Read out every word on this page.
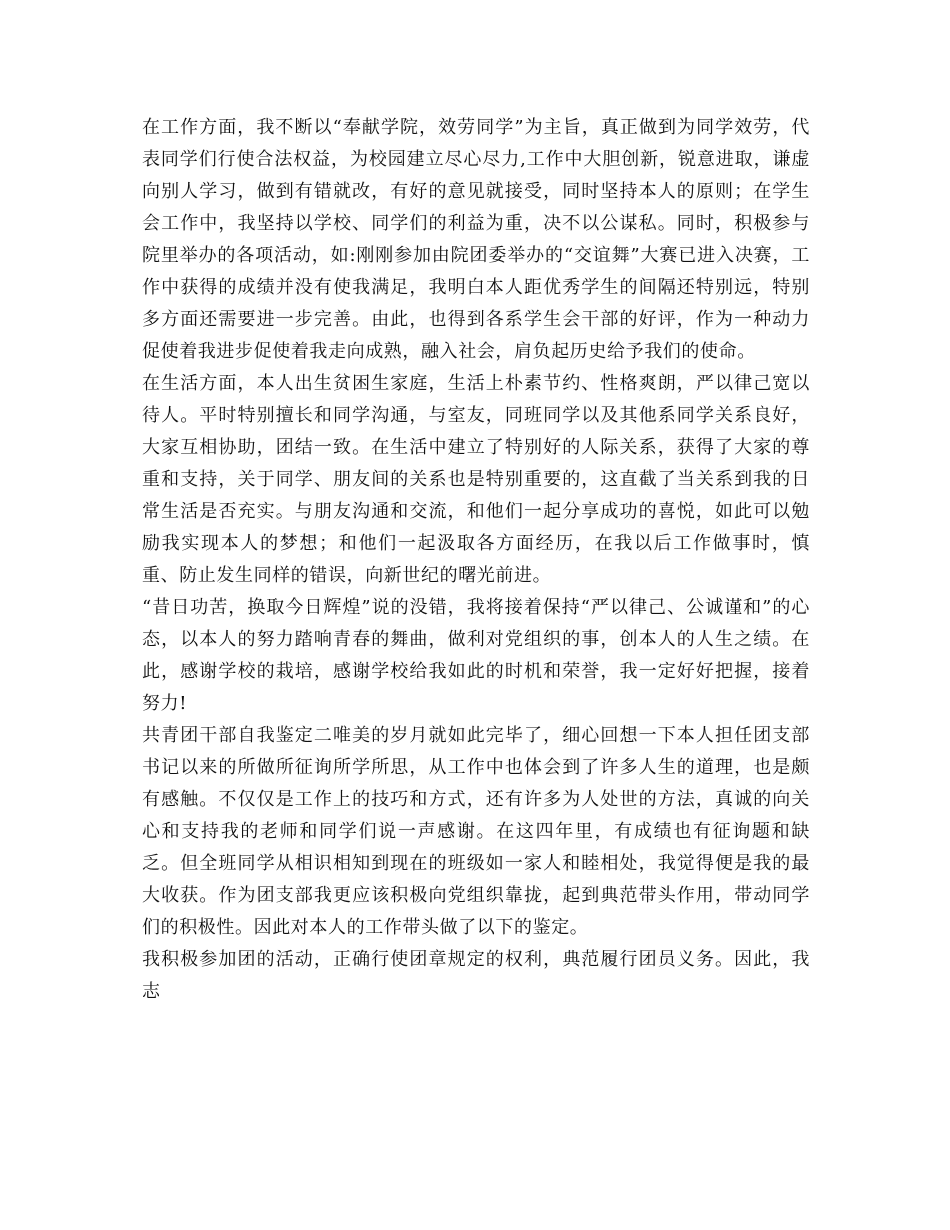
在工作方面，我不断以“奉献学院，效劳同学”为主旨，真正做到为同学效劳，代表同学们行使合法权益，为校园建立尽心尽力,工作中大胆创新，锐意进取，谦虚向别人学习，做到有错就改，有好的意见就接受，同时坚持本人的原则；在学生会工作中，我坚持以学校、同学们的利益为重，决不以公谋私。同时，积极参与院里举办的各项活动，如:刚刚参加由院团委举办的“交谊舞”大赛已进入决赛，工作中获得的成绩并没有使我满足，我明白本人距优秀学生的间隔还特别远，特别多方面还需要进一步完善。由此，也得到各系学生会干部的好评，作为一种动力促使着我进步促使着我走向成熟，融入社会，肩负起历史给予我们的使命。

在生活方面，本人出生贫困生家庭，生活上朴素节约、性格爽朗，严以律己宽以待人。平时特别擅长和同学沟通，与室友，同班同学以及其他系同学关系良好，大家互相协助，团结一致。在生活中建立了特别好的人际关系，获得了大家的尊重和支持，关于同学、朋友间的关系也是特别重要的，这直截了当关系到我的日常生活是否充实。与朋友沟通和交流，和他们一起分享成功的喜悦，如此可以勉励我实现本人的梦想；和他们一起汲取各方面经历，在我以后工作做事时，慎重、防止发生同样的错误，向新世纪的曙光前进。

“昔日功苦，换取今日辉煌”说的没错，我将接着保持“严以律己、公诚谨和”的心态，以本人的努力踏响青春的舞曲，做利对党组织的事，创本人的人生之绩。在此，感谢学校的栽培，感谢学校给我如此的时机和荣誉，我一定好好把握，接着努力!

共青团干部自我鉴定二唯美的岁月就如此完毕了，细心回想一下本人担任团支部书记以来的所做所征询所学所思，从工作中也体会到了许多人生的道理，也是颇有感触。不仅仅是工作上的技巧和方式，还有许多为人处世的方法，真诚的向关心和支持我的老师和同学们说一声感谢。在这四年里，有成绩也有征询题和缺乏。但全班同学从相识相知到现在的班级如一家人和睦相处，我觉得便是我的最大收获。作为团支部我更应该积极向党组织靠拢，起到典范带头作用，带动同学们的积极性。因此对本人的工作带头做了以下的鉴定。

我积极参加团的活动，正确行使团章规定的权利，典范履行团员义务。因此，我志
